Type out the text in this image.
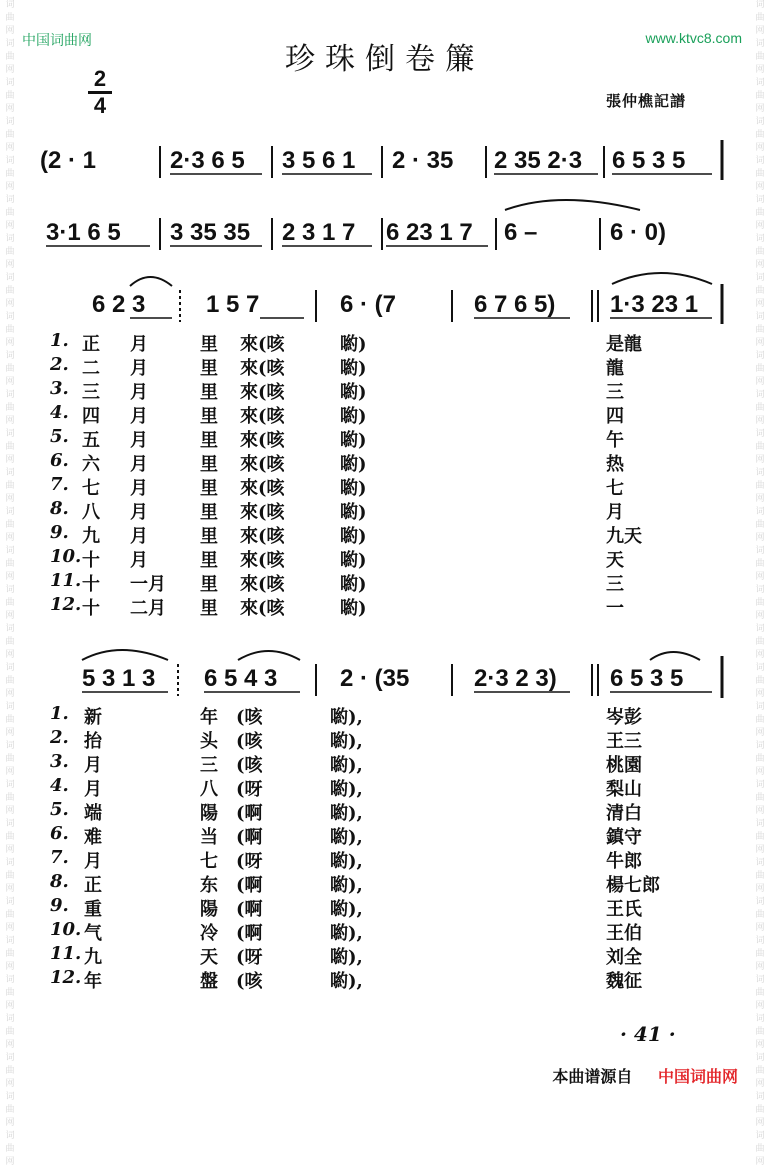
词
曲
网
词
曲
网
词
曲
网
词
曲
网
词
曲
网
词
曲
网
词
曲
网
词
曲
网
词
曲
网
词
曲
网
词
曲
网
词
曲
网
词
曲
网
词
曲
网
词
曲
网
词
曲
网
词
曲
网
词
曲
网
词
曲
网
词
曲
网
词
曲
网
词
曲
网
词
曲
网
词
曲
网
词
曲
网
词
曲
网
词
曲
网
词
曲
网
词
曲
网
词
曲
网
词
曲
网
词
曲
网
词
曲
网
词
曲
网
词
曲
网
词
曲
网
词
曲
网
词
曲
网
词
曲
网
词
曲
网
词
曲
网
词
曲
网
词
曲
网
词
曲
网
词
曲
网
词
曲
网
词
曲
网
词
曲
网
词
曲
网
词
曲
网
词
曲
网
词
曲
网
词
曲
网
词
曲
网
词
曲
网
词
曲
网
词
曲
网
词
曲
网
词
曲
网
词
曲
网
中国词曲网	www.ktvc8.com
珍珠倒卷簾
2
4	張仲樵記譜
(2 · 1	2·3 6 5 3 5 6 1 2 · 35 2 35 2·3 6 5 3 5
3·1 6 5 3 35 35 2 3 1 7 6 23 1 7 6 –	6 · 0)
6 2 3	1 5 7	6 · (7	6 7 6 5) 1·3 23 1
5 3 1 3 6 5 4 3	2 · (35	2·3 2 3) 6 5 3 5
1. 正 月	里 來(咳	喲)	是龍
2. 二 月	里 來(咳	喲)	龍
3. 三 月	里 來(咳	喲)	三
4. 四 月	里 來(咳	喲)	四
5. 五 月	里 來(咳	喲)	午
6. 六 月	里 來(咳	喲)	热
7. 七 月	里 來(咳	喲)	七
8. 八 月	里 來(咳	喲)	月
9. 九 月	里 來(咳	喲)	九天
10. 十 月	里 來(咳	喲)	天
11. 十 一月 里 來(咳	喲)	三
12. 十 二月 里 來(咳	喲)	一
1. 新	年 (咳	喲),	岑彭
2. 抬	头 (咳	喲),	王三
3. 月	三 (咳	喲),	桃園
4. 月	八 (呀	喲),	梨山
5. 端	陽 (啊	喲),	清白
6. 难	当 (啊	喲),	鎮守
7. 月	七 (呀	喲),	牛郎
8. 正	东 (啊	喲),	楊七郎
9. 重	陽 (啊	喲),	王氏
10. 气	冷 (啊	喲),	王伯
11. 九	天 (呀	喲),	刘全
12. 年	盤 (咳	喲),	魏征
· 41 ·
本曲谱源自 中国词曲网
